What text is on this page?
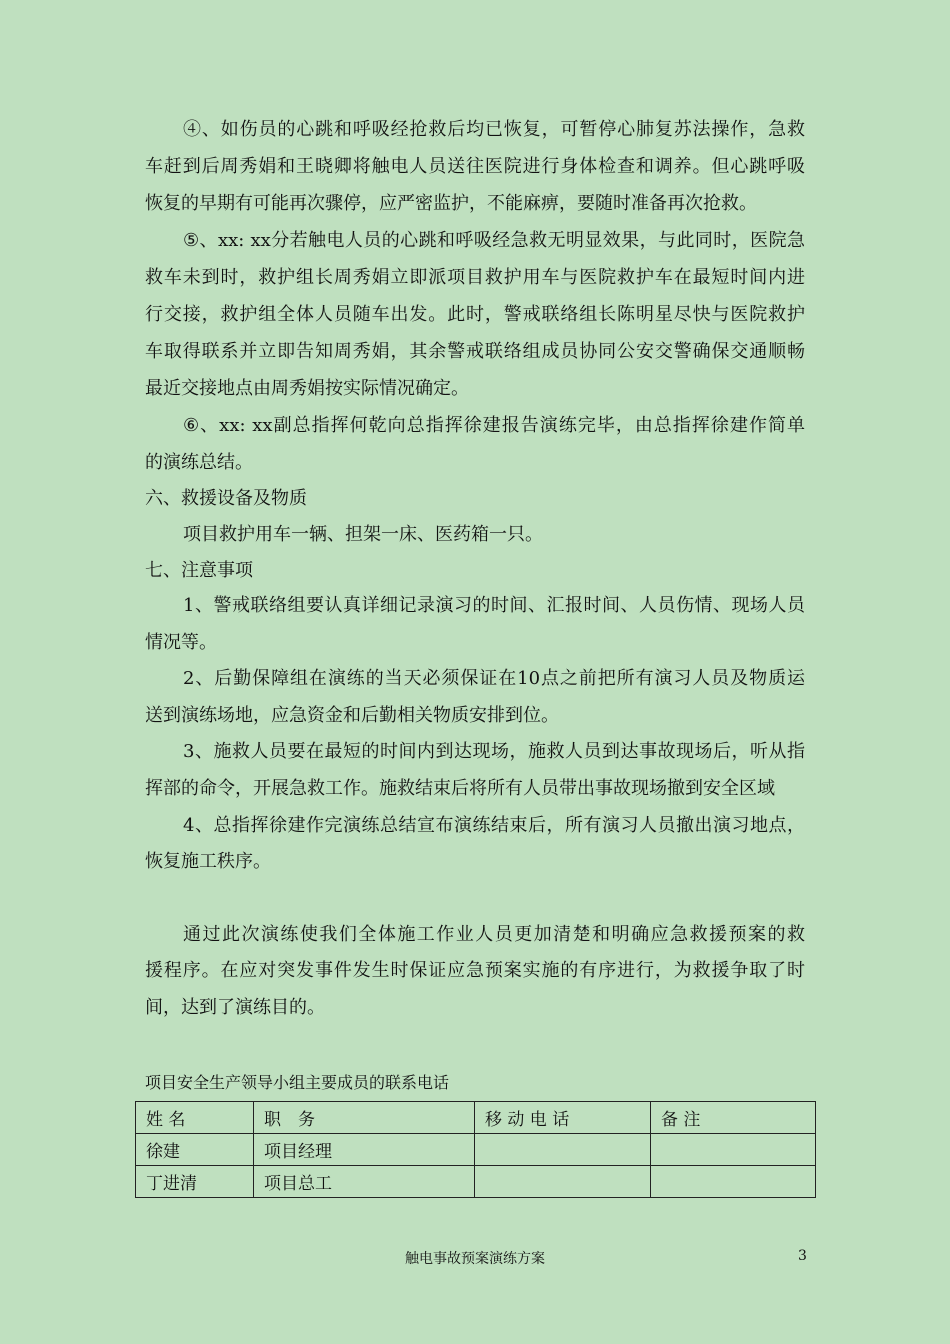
④、如伤员的心跳和呼吸经抢救后均已恢复，可暂停心肺复苏法操作，急救
车赶到后周秀娟和王晓卿将触电人员送往医院进行身体检查和调养。但心跳呼吸
恢复的早期有可能再次骤停，应严密监护，不能麻痹，要随时准备再次抢救。
⑤、xx: xx分若触电人员的心跳和呼吸经急救无明显效果，与此同时，医院急
救车未到时，救护组长周秀娟立即派项目救护用车与医院救护车在最短时间内进
行交接，救护组全体人员随车出发。此时，警戒联络组长陈明星尽快与医院救护
车取得联系并立即告知周秀娟，其余警戒联络组成员协同公安交警确保交通顺畅
最近交接地点由周秀娟按实际情况确定。
⑥、xx: xx副总指挥何乾向总指挥徐建报告演练完毕，由总指挥徐建作简单
的演练总结。
六、救援设备及物质
项目救护用车一辆、担架一床、医药箱一只。
七、注意事项
1、警戒联络组要认真详细记录演习的时间、汇报时间、人员伤情、现场人员
情况等。
2、后勤保障组在演练的当天必须保证在10点之前把所有演习人员及物质运
送到演练场地，应急资金和后勤相关物质安排到位。
3、施救人员要在最短的时间内到达现场，施救人员到达事故现场后，听从指
挥部的命令，开展急救工作。施救结束后将所有人员带出事故现场撤到安全区域
4、总指挥徐建作完演练总结宣布演练结束后，所有演习人员撤出演习地点，
恢复施工秩序。
通过此次演练使我们全体施工作业人员更加清楚和明确应急救援预案的救
援程序。在应对突发事件发生时保证应急预案实施的有序进行，为救援争取了时
间，达到了演练目的。
项目安全生产领导小组主要成员的联系电话
姓 名	职　务	移 动 电 话	备 注
徐建	项目经理		
丁进清	项目总工		
触电事故预案演练方案	3
